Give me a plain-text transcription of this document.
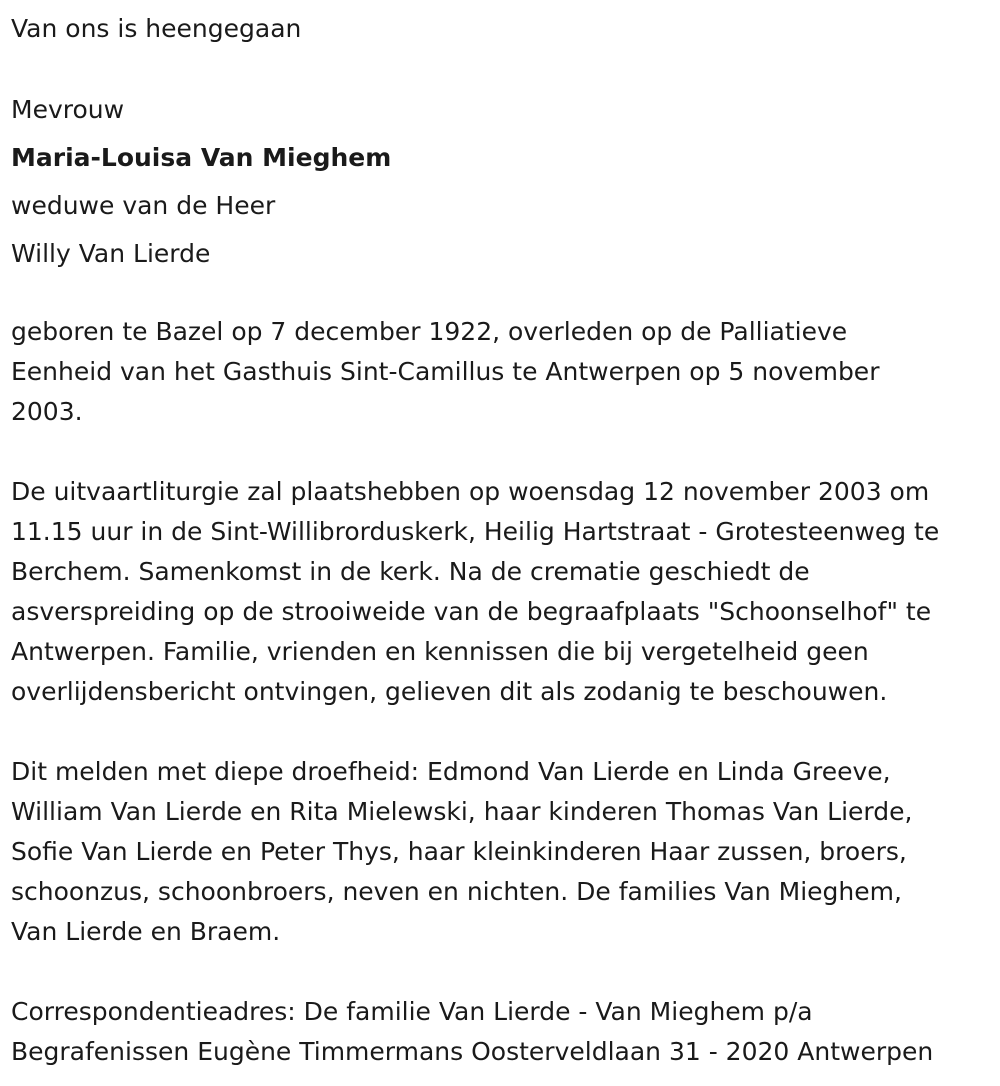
Van ons is heengegaan
Mevrouw
Maria-Louisa Van Mieghem
weduwe van de Heer
Willy Van Lierde
geboren te Bazel op 7 december 1922, overleden op de Palliatieve
Eenheid van het Gasthuis Sint-Camillus te Antwerpen op 5 november
2003.
De uitvaartliturgie zal plaatshebben op woensdag 12 november 2003 om
11.15 uur in de Sint-Willibrorduskerk, Heilig Hartstraat - Grotesteenweg te
Berchem. Samenkomst in de kerk. Na de crematie geschiedt de
asverspreiding op de strooiweide van de begraafplaats "Schoonselhof" te
Antwerpen. Familie, vrienden en kennissen die bij vergetelheid geen
overlijdensbericht ontvingen, gelieven dit als zodanig te beschouwen.
Dit melden met diepe droefheid: Edmond Van Lierde en Linda Greeve,
William Van Lierde en Rita Mielewski, haar kinderen Thomas Van Lierde,
Sofie Van Lierde en Peter Thys, haar kleinkinderen Haar zussen, broers,
schoonzus, schoonbroers, neven en nichten. De families Van Mieghem,
Van Lierde en Braem.
Correspondentieadres: De familie Van Lierde - Van Mieghem p/a
Begrafenissen Eugène Timmermans Oosterveldlaan 31 - 2020 Antwerpen
